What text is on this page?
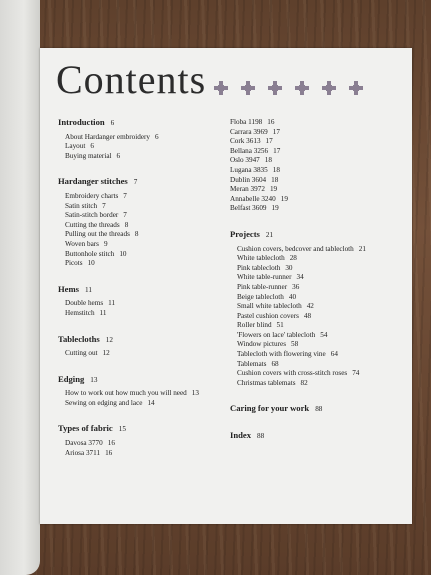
Contents
Introduction 6
About Hardanger embroidery 6
Layout 6
Buying material 6
Hardanger stitches 7
Embroidery charts 7
Satin stitch 7
Satin-stitch border 7
Cutting the threads 8
Pulling out the threads 8
Woven bars 9
Buttonhole stitch 10
Picots 10
Hems 11
Double hems 11
Hemstitch 11
Tablecloths 12
Cutting out 12
Edging 13
How to work out how much you will need 13
Sewing on edging and lace 14
Types of fabric 15
Davosa 3770 16
Ariosa 3711 16
Floba 1198 16
Carrara 3969 17
Cork 3613 17
Bellana 3256 17
Oslo 3947 18
Lugana 3835 18
Dublin 3604 18
Meran 3972 19
Annabelle 3240 19
Belfast 3609 19
Projects 21
Cushion covers, bedcover and tablecloth 21
White tablecloth 28
Pink tablecloth 30
White table-runner 34
Pink table-runner 36
Beige tablecloth 40
Small white tablecloth 42
Pastel cushion covers 48
Roller blind 51
'Flowers on lace' tablecloth 54
Window pictures 58
Tablecloth with flowering vine 64
Tablemats 68
Cushion covers with cross-stitch roses 74
Christmas tablemats 82
Caring for your work 88
Index 88
